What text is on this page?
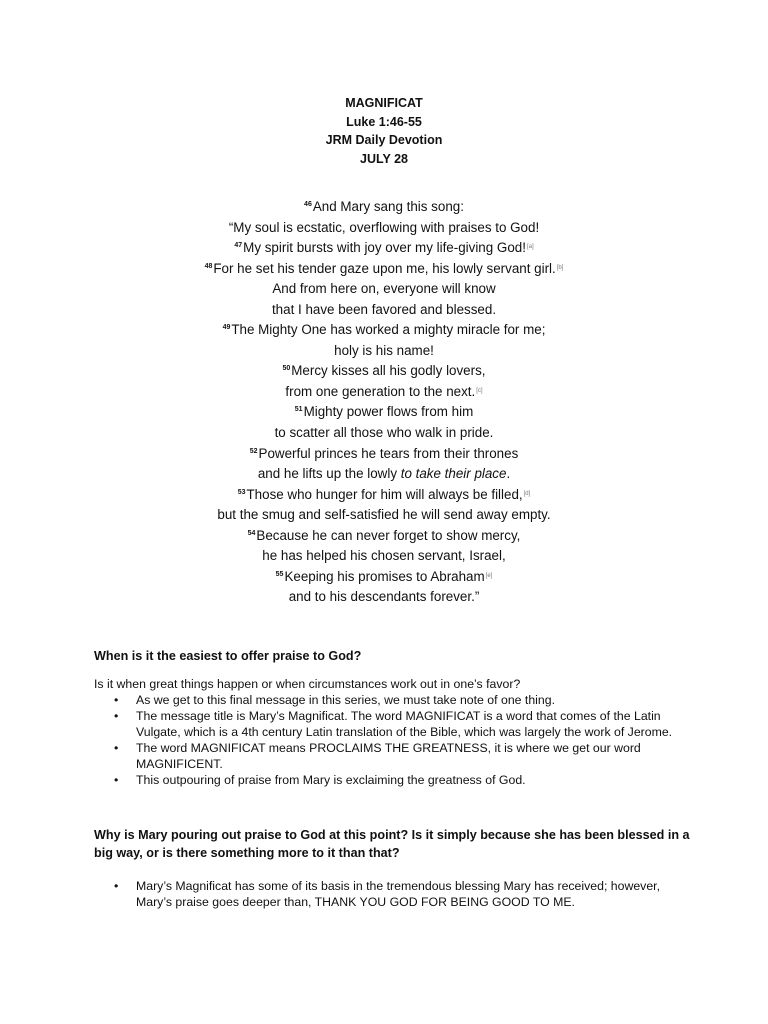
MAGNIFICAT
Luke 1:46-55
JRM Daily Devotion
JULY 28
$^{46}$And Mary sang this song:
“My soul is ecstatic, overflowing with praises to God!
$^{47}$My spirit bursts with joy over my life-giving God![a]
$^{48}$For he set his tender gaze upon me, his lowly servant girl.[b]
And from here on, everyone will know
that I have been favored and blessed.
$^{49}$The Mighty One has worked a mighty miracle for me;
holy is his name!
$^{50}$Mercy kisses all his godly lovers,
from one generation to the next.[c]
$^{51}$Mighty power flows from him
to scatter all those who walk in pride.
$^{52}$Powerful princes he tears from their thrones
and he lifts up the lowly to take their place.
$^{53}$Those who hunger for him will always be filled,[d]
but the smug and self-satisfied he will send away empty.
$^{54}$Because he can never forget to show mercy,
he has helped his chosen servant, Israel,
$^{55}$Keeping his promises to Abraham[e]
and to his descendants forever.”
When is it the easiest to offer praise to God?
Is it when great things happen or when circumstances work out in one’s favor?
• As we get to this final message in this series, we must take note of one thing.
• The message title is Mary’s Magnificat. The word MAGNIFICAT is a word that comes of the Latin Vulgate, which is a 4th century Latin translation of the Bible, which was largely the work of Jerome.
• The word MAGNIFICAT means PROCLAIMS THE GREATNESS, it is where we get our word MAGNIFICENT.
• This outpouring of praise from Mary is exclaiming the greatness of God.
Why is Mary pouring out praise to God at this point? Is it simply because she has been blessed in a big way, or is there something more to it than that?
• Mary’s Magnificat has some of its basis in the tremendous blessing Mary has received; however, Mary’s praise goes deeper than, THANK YOU GOD FOR BEING GOOD TO ME.
